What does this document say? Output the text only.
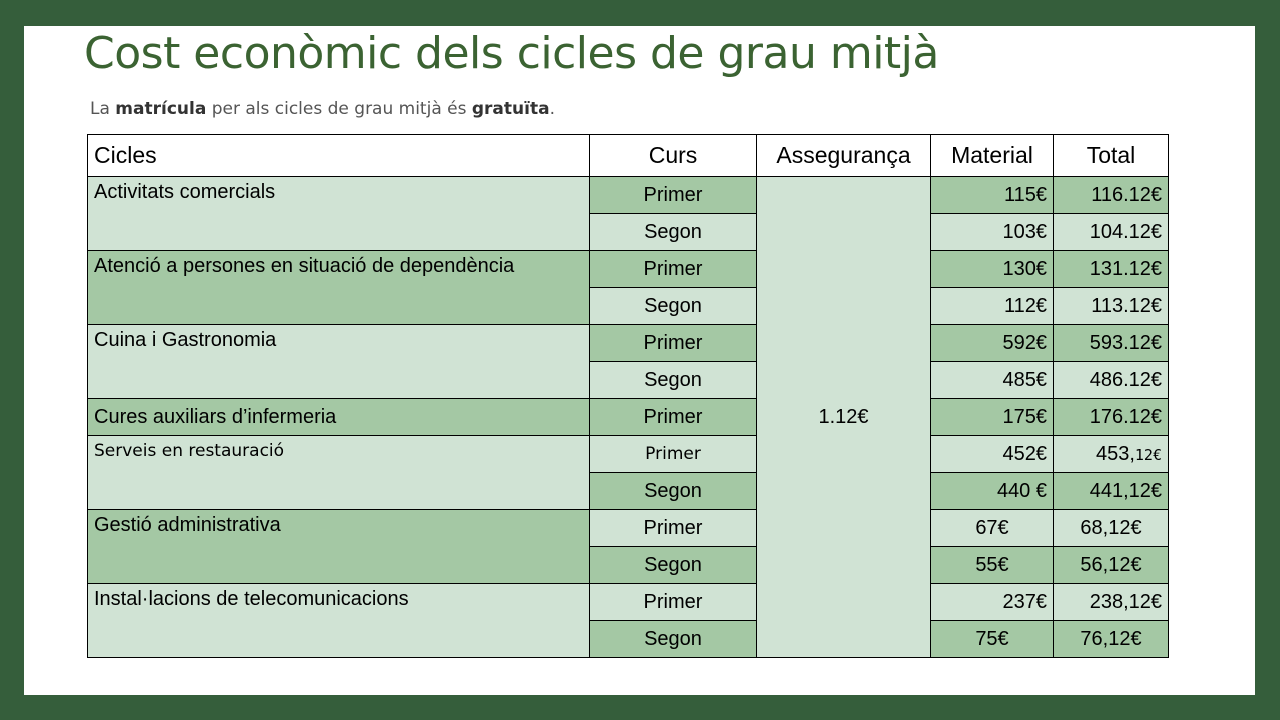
Cost econòmic dels cicles de grau mitjà
La matrícula per als cicles de grau mitjà és gratuïta.
Cicles	Curs	Assegurança	Material	Total
Activitats comercials	Primer	1.12€	115€	116.12€
	Segon		103€	104.12€
Atenció a persones en situació de dependència	Primer		130€	131.12€
	Segon		112€	113.12€
Cuina i Gastronomia	Primer		592€	593.12€
	Segon		485€	486.12€
Cures auxiliars d’infermeria	Primer		175€	176.12€
Serveis en restauració	Primer		452€	453,12€
	Segon		440 €	441,12€
Gestió administrativa	Primer		67€	68,12€
	Segon		55€	56,12€
Instal·lacions de telecomunicacions	Primer		237€	238,12€
	Segon		75€	76,12€
